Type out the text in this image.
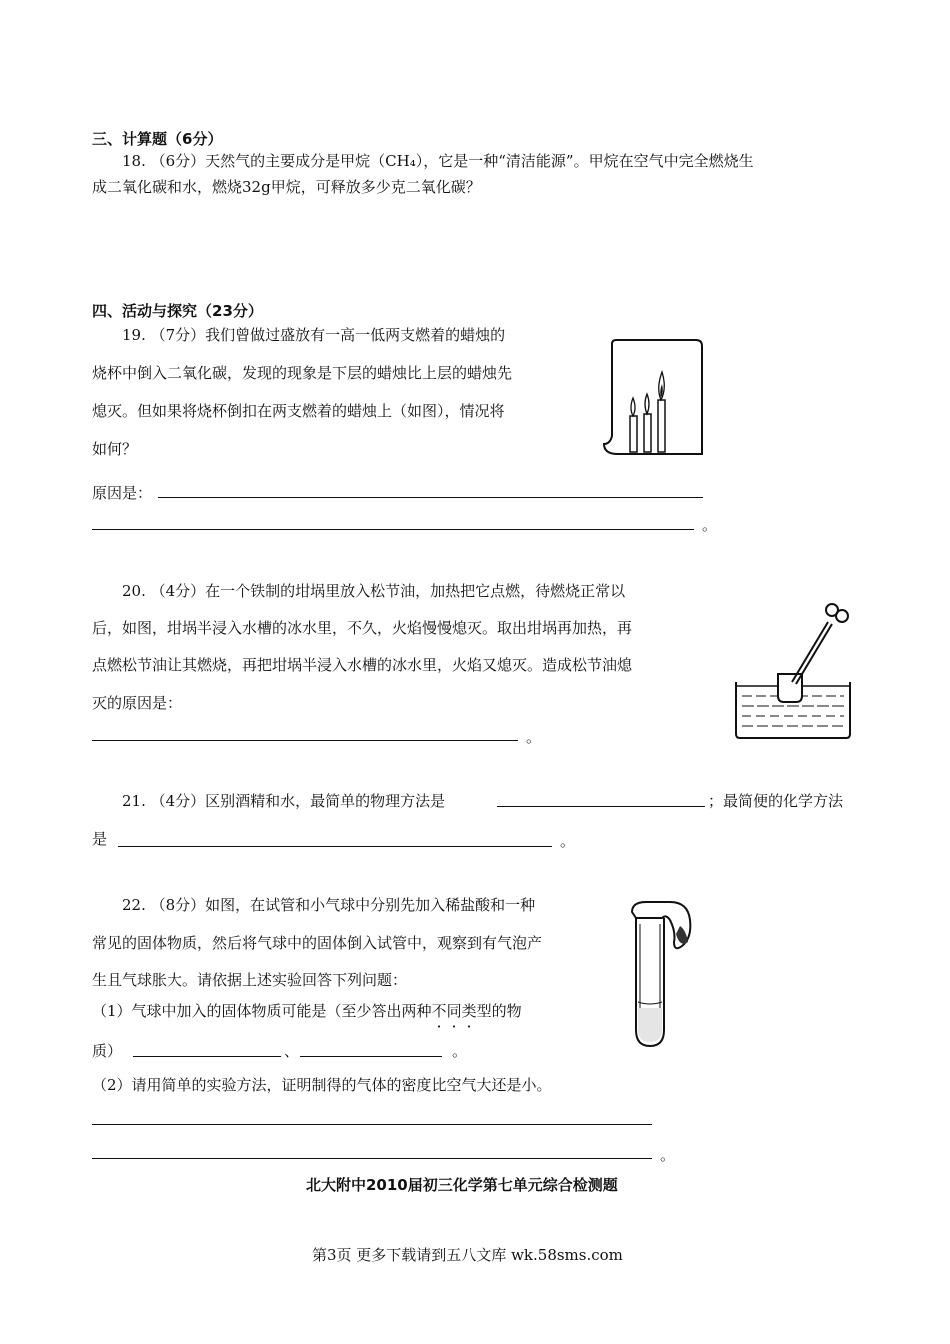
三、计算题（6分）
18. （6分）天然气的主要成分是甲烷（CH₄），它是一种“清洁能源”。甲烷在空气中完全燃烧生
成二氧化碳和水，燃烧32g甲烷，可释放多少克二氧化碳？
四、活动与探究（23分）
19. （7分）我们曾做过盛放有一高一低两支燃着的蜡烛的
烧杯中倒入二氧化碳，发现的现象是下层的蜡烛比上层的蜡烛先
熄灭。但如果将烧杯倒扣在两支燃着的蜡烛上（如图），情况将
如何？
原因是：
。
20. （4分）在一个铁制的坩埚里放入松节油，加热把它点燃，待燃烧正常以
后，如图，坩埚半浸入水槽的冰水里，不久，火焰慢慢熄灭。取出坩埚再加热，再
点燃松节油让其燃烧，再把坩埚半浸入水槽的冰水里，火焰又熄灭。造成松节油熄
灭的原因是：
。
21. （4分）区别酒精和水，最简单的物理方法是	；最简便的化学方法
是	。
22. （8分）如图，在试管和小气球中分别先加入稀盐酸和一种
常见的固体物质，然后将气球中的固体倒入试管中，观察到有气泡产
生且气球胀大。请依据上述实验回答下列问题：
（1）气球中加入的固体物质可能是（至少答出两种不同类型的物
质）	、	。
（2）请用简单的实验方法，证明制得的气体的密度比空气大还是小。
。
北大附中2010届初三化学第七单元综合检测题
第3页 更多下载请到五八文库 wk.58sms.com
